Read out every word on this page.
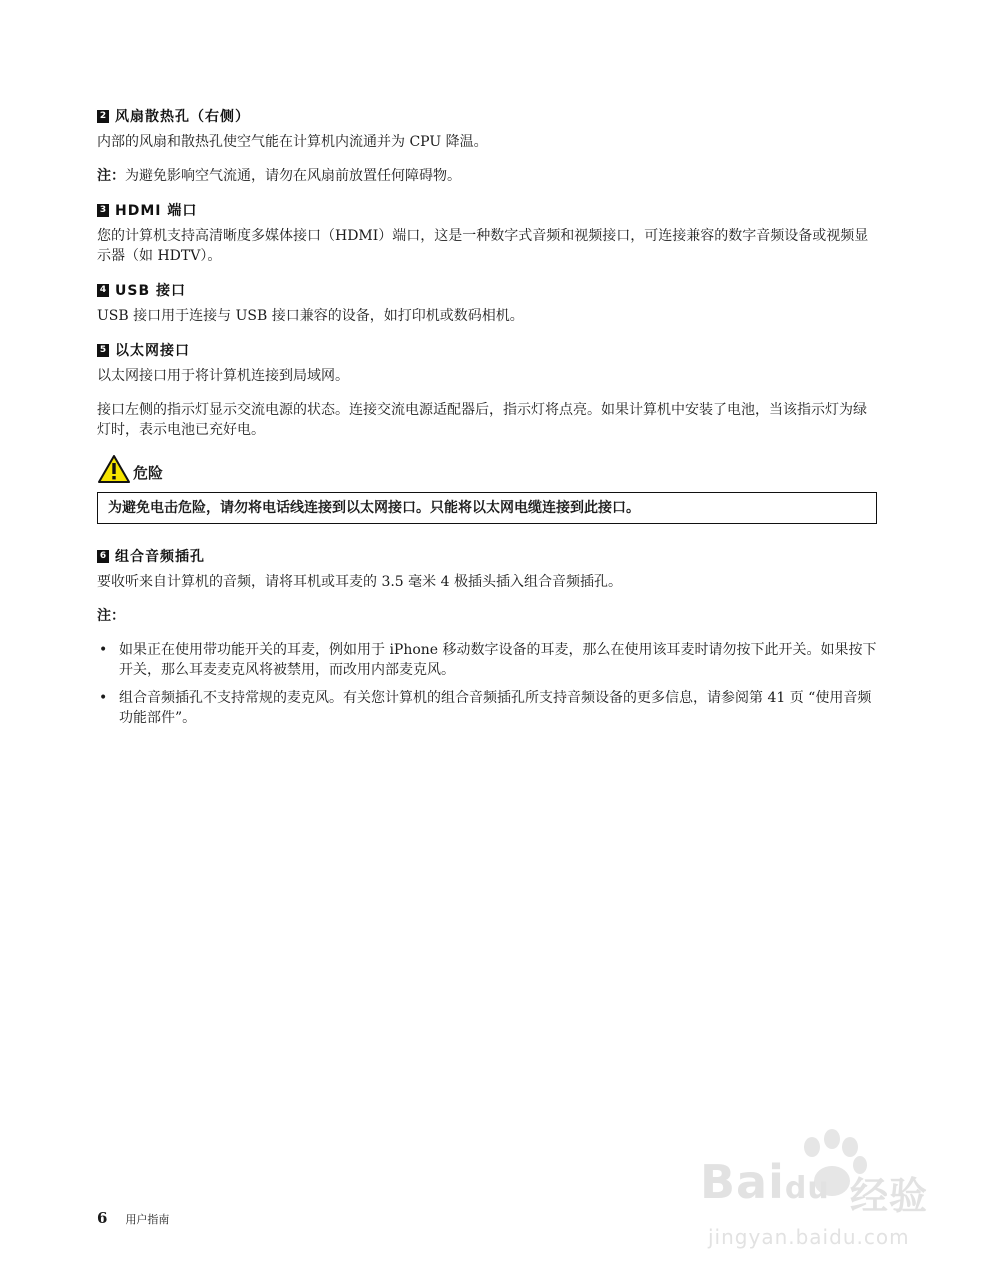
2 风扇散热孔（右侧）

内部的风扇和散热孔使空气能在计算机内流通并为 CPU 降温。

注：为避免影响空气流通，请勿在风扇前放置任何障碍物。

3 HDMI 端口

您的计算机支持高清晰度多媒体接口（HDMI）端口，这是一种数字式音频和视频接口，可连接兼容的数字音频设备或视频显示器（如 HDTV）。

4 USB 接口

USB 接口用于连接与 USB 接口兼容的设备，如打印机或数码相机。

5 以太网接口

以太网接口用于将计算机连接到局域网。

接口左侧的指示灯显示交流电源的状态。连接交流电源适配器后，指示灯将点亮。如果计算机中安装了电池，当该指示灯为绿灯时，表示电池已充好电。

危险
为避免电击危险，请勿将电话线连接到以太网接口。只能将以太网电缆连接到此接口。
6 组合音频插孔

要收听来自计算机的音频，请将耳机或耳麦的 3.5 毫米 4 极插头插入组合音频插孔。

注：

• 如果正在使用带功能开关的耳麦，例如用于 iPhone 移动数字设备的耳麦，那么在使用该耳麦时请勿按下此开关。如果按下开关，那么耳麦麦克风将被禁用，而改用内部麦克风。
• 组合音频插孔不支持常规的麦克风。有关您计算机的组合音频插孔所支持音频设备的更多信息，请参阅第 41 页 “使用音频功能部件”。
6 用户指南
Baidu 经验
jingyan.baidu.com
